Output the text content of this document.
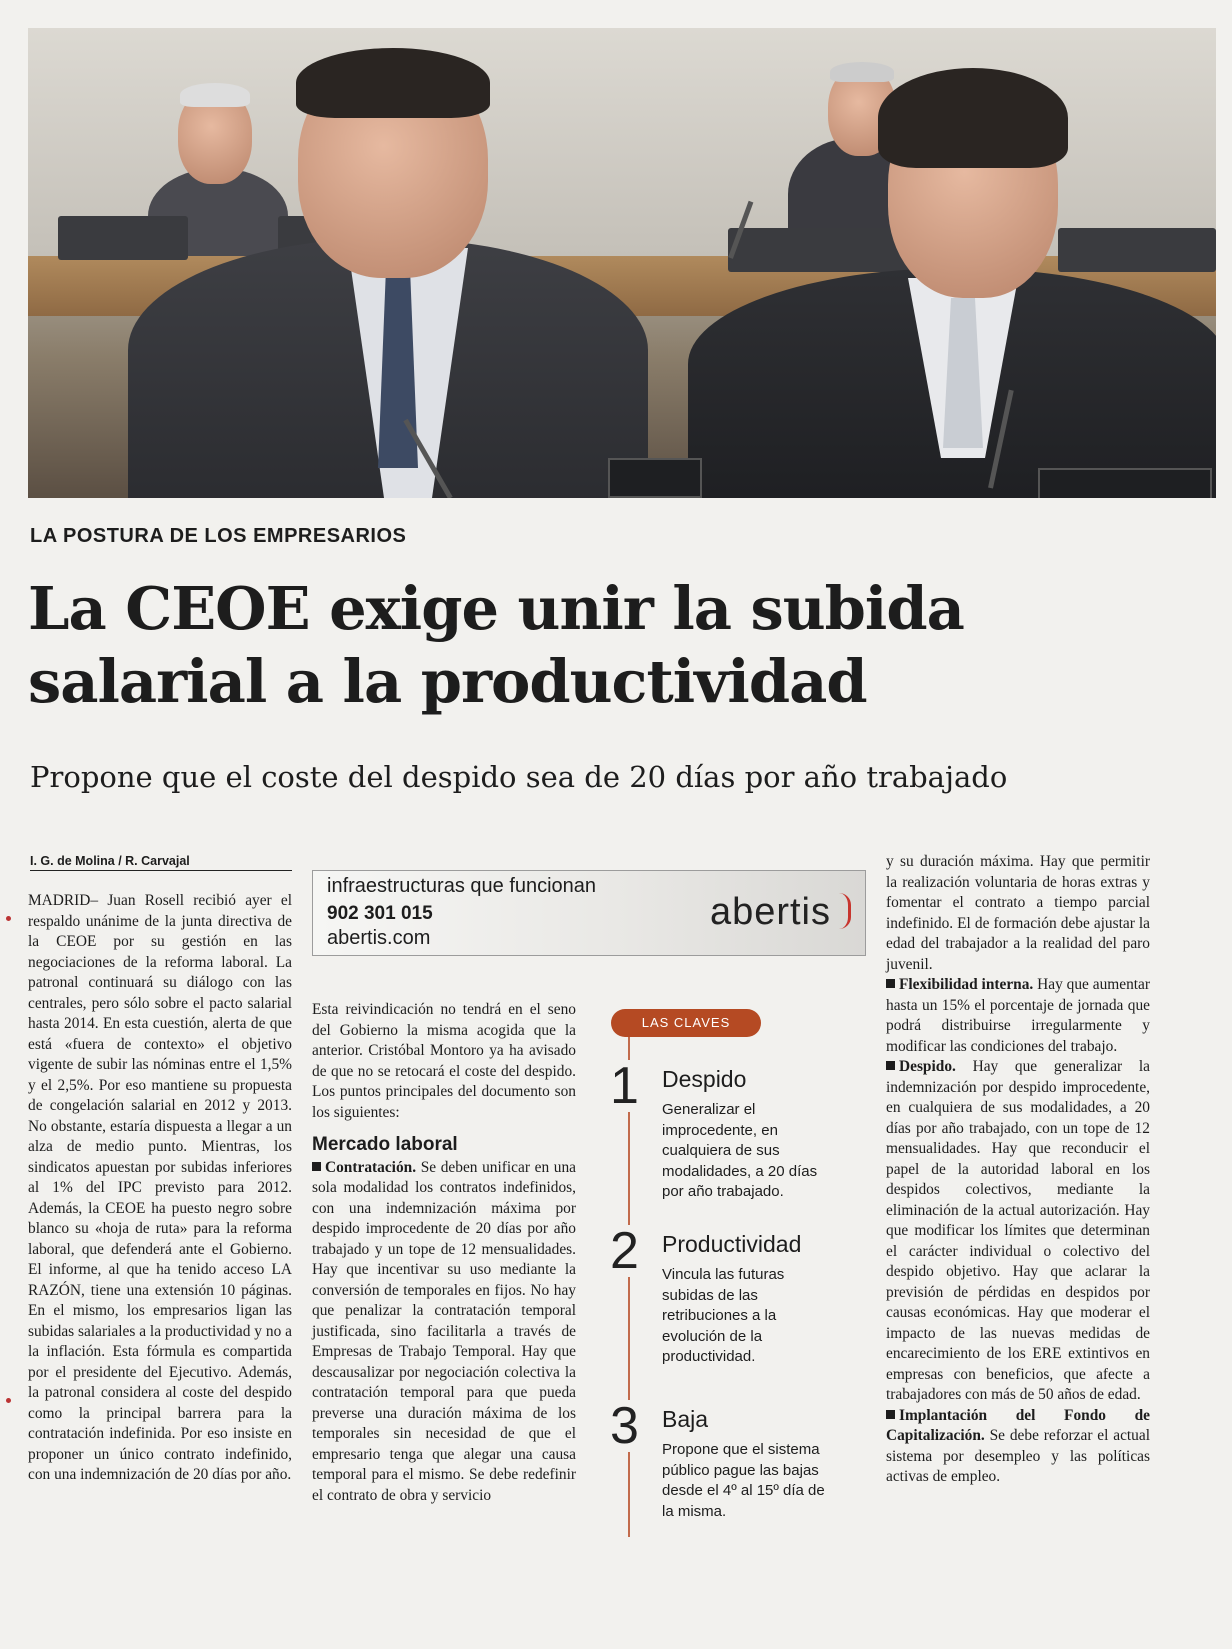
LA POSTURA DE LOS EMPRESARIOS
La CEOE exige unir la subida
salarial a la productividad
Propone que el coste del despido sea de 20 días por año trabajado
I. G. de Molina / R. Carvajal

MADRID– Juan Rosell recibió ayer el respaldo unánime de la junta directiva de la CEOE por su gestión en las negociaciones de la reforma laboral. La patronal continuará su diálogo con las centrales, pero sólo sobre el pacto salarial hasta 2014. En esta cuestión, alerta de que está «fuera de contexto» el objetivo vigente de subir las nóminas entre el 1,5% y el 2,5%. Por eso mantiene su propuesta de congelación salarial en 2012 y 2013. No obstante, estaría dispuesta a llegar a un alza de medio punto. Mientras, los sindicatos apuestan por subidas inferiores al 1% del IPC previsto para 2012. Además, la CEOE ha puesto negro sobre blanco su «hoja de ruta» para la reforma laboral, que defenderá ante el Gobierno. El informe, al que ha tenido acceso LA RAZÓN, tiene una extensión 10 páginas. En el mismo, los empresarios ligan las subidas salariales a la productividad y no a la inflación. Esta fórmula es compartida por el presidente del Ejecutivo. Además, la patronal considera al coste del despido como la principal barrera para la contratación indefinida. Por eso insiste en proponer un único contrato indefinido, con una indemnización de 20 días por año.

infraestructuras que funcionan
902 301 015
abertis.com
abertis

Esta reivindicación no tendrá en el seno del Gobierno la misma acogida que la anterior. Cristóbal Montoro ya ha avisado de que no se retocará el coste del despido. Los puntos principales del documento son los siguientes:

Mercado laboral

Contratación. Se deben unificar en una sola modalidad los contratos indefinidos, con una indemnización máxima por despido improcedente de 20 días por año trabajado y un tope de 12 mensualidades. Hay que incentivar su uso mediante la conversión de temporales en fijos. No hay que penalizar la contratación temporal justificada, sino facilitarla a través de Empresas de Trabajo Temporal. Hay que descausalizar por negociación colectiva la contratación temporal para que pueda preverse una duración máxima de los temporales sin necesidad de que el empresario tenga que alegar una causa temporal para el mismo. Se debe redefinir el contrato de obra y servicio

LAS CLAVES
1 Despido
Generalizar el improcedente, en cualquiera de sus modalidades, a 20 días por año trabajado.
2 Productividad
Vincula las futuras subidas de las retribuciones a la evolución de la productividad.
3 Baja
Propone que el sistema público pague las bajas desde el 4º al 15º día de la misma.

y su duración máxima. Hay que permitir la realización voluntaria de horas extras y fomentar el contrato a tiempo parcial indefinido. El de formación debe ajustar la edad del trabajador a la realidad del paro juvenil.

Flexibilidad interna. Hay que aumentar hasta un 15% el porcentaje de jornada que podrá distribuirse irregularmente y modificar las condiciones del trabajo.

Despido. Hay que generalizar la indemnización por despido improcedente, en cualquiera de sus modalidades, a 20 días por año trabajado, con un tope de 12 mensualidades. Hay que reconducir el papel de la autoridad laboral en los despidos colectivos, mediante la eliminación de la actual autorización. Hay que modificar los límites que determinan el carácter individual o colectivo del despido objetivo. Hay que aclarar la previsión de pérdidas en despidos por causas económicas. Hay que moderar el impacto de las nuevas medidas de encarecimiento de los ERE extintivos en empresas con beneficios, que afecte a trabajadores con más de 50 años de edad.

Implantación del Fondo de Capitalización. Se debe reforzar el actual sistema por desempleo y las políticas activas de empleo.
